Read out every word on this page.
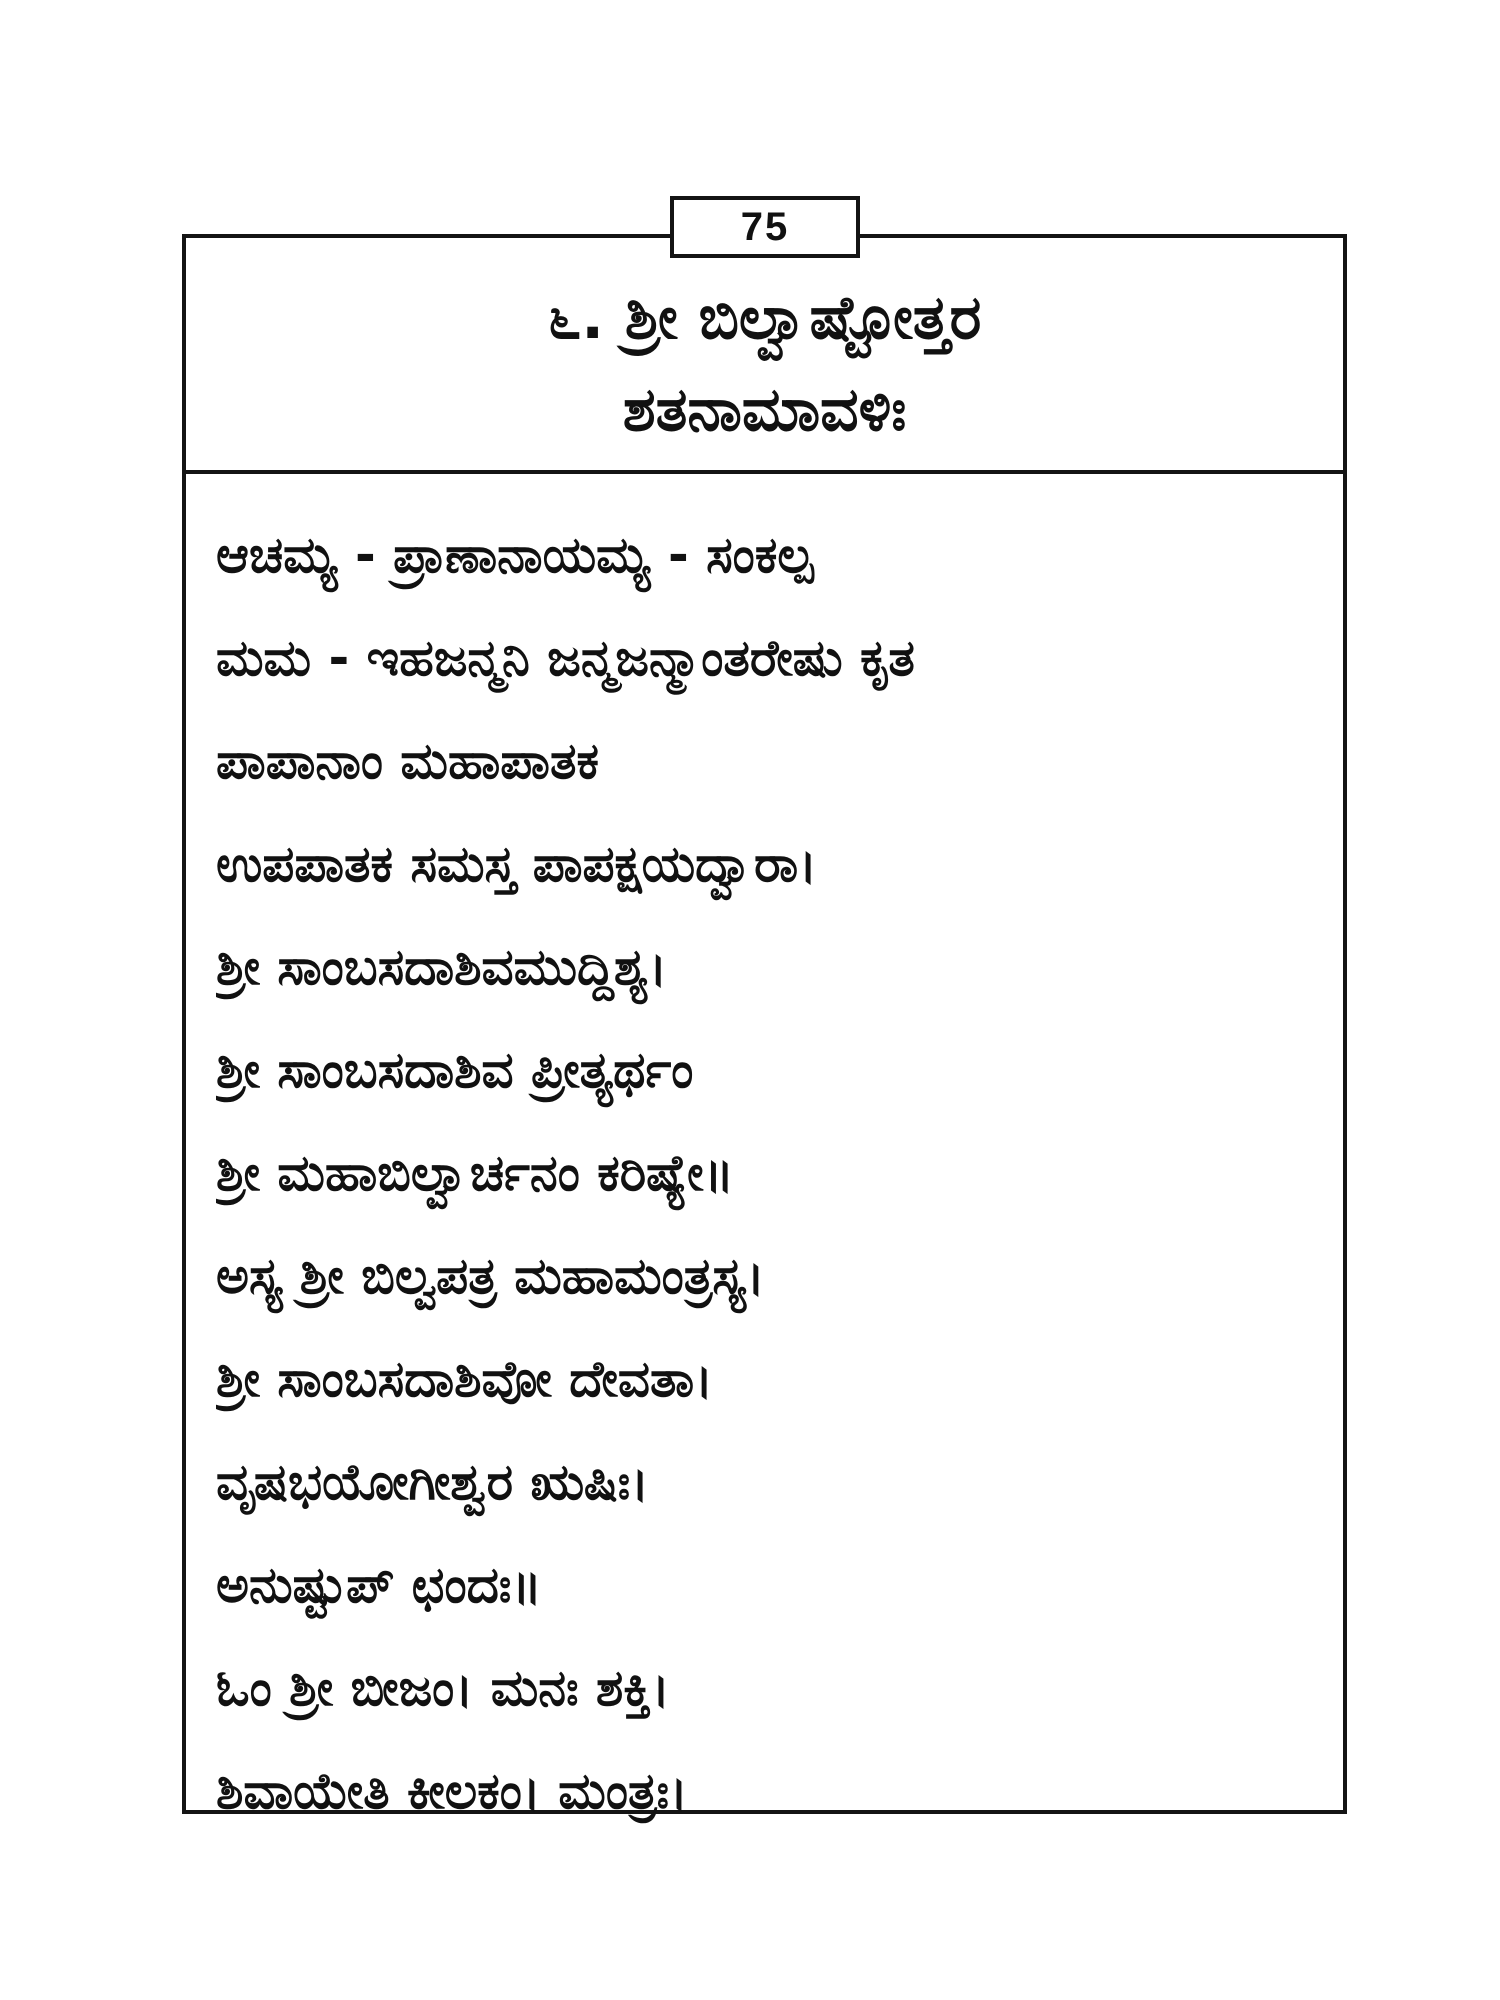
75
೬. ಶ್ರೀ ಬಿಲ್ವಾಷ್ಟೋತ್ತರ
ಶತನಾಮಾವಳಿಃ
ಆಚಮ್ಯ - ಪ್ರಾಣಾನಾಯಮ್ಯ - ಸಂಕಲ್ಪ
ಮಮ - ಇಹಜನ್ಮನಿ ಜನ್ಮಜನ್ಮಾಂತರೇಷು ಕೃತ
ಪಾಪಾನಾಂ ಮಹಾಪಾತಕ
ಉಪಪಾತಕ ಸಮಸ್ತ ಪಾಪಕ್ಷಯದ್ವಾರಾ।
ಶ್ರೀ ಸಾಂಬಸದಾಶಿವಮುದ್ದಿಶ್ಯ।
ಶ್ರೀ ಸಾಂಬಸದಾಶಿವ ಪ್ರೀತ್ಯರ್ಥಂ
ಶ್ರೀ ಮಹಾಬಿಲ್ವಾರ್ಚನಂ ಕರಿಷ್ಯೇ॥
ಅಸ್ಯ ಶ್ರೀ ಬಿಲ್ವಪತ್ರ ಮಹಾಮಂತ್ರಸ್ಯ।
ಶ್ರೀ ಸಾಂಬಸದಾಶಿವೋ ದೇವತಾ।
ವೃಷಭಯೋಗೀಶ್ವರ ಋಷಿಃ।
ಅನುಷ್ಟುಪ್ ಛಂದಃ॥
ಓಂ ಶ್ರೀ ಬೀಜಂ। ಮನಃ ಶಕ್ತಿ।
ಶಿವಾಯೇತಿ ಕೀಲಕಂ। ಮಂತ್ರಃ।
